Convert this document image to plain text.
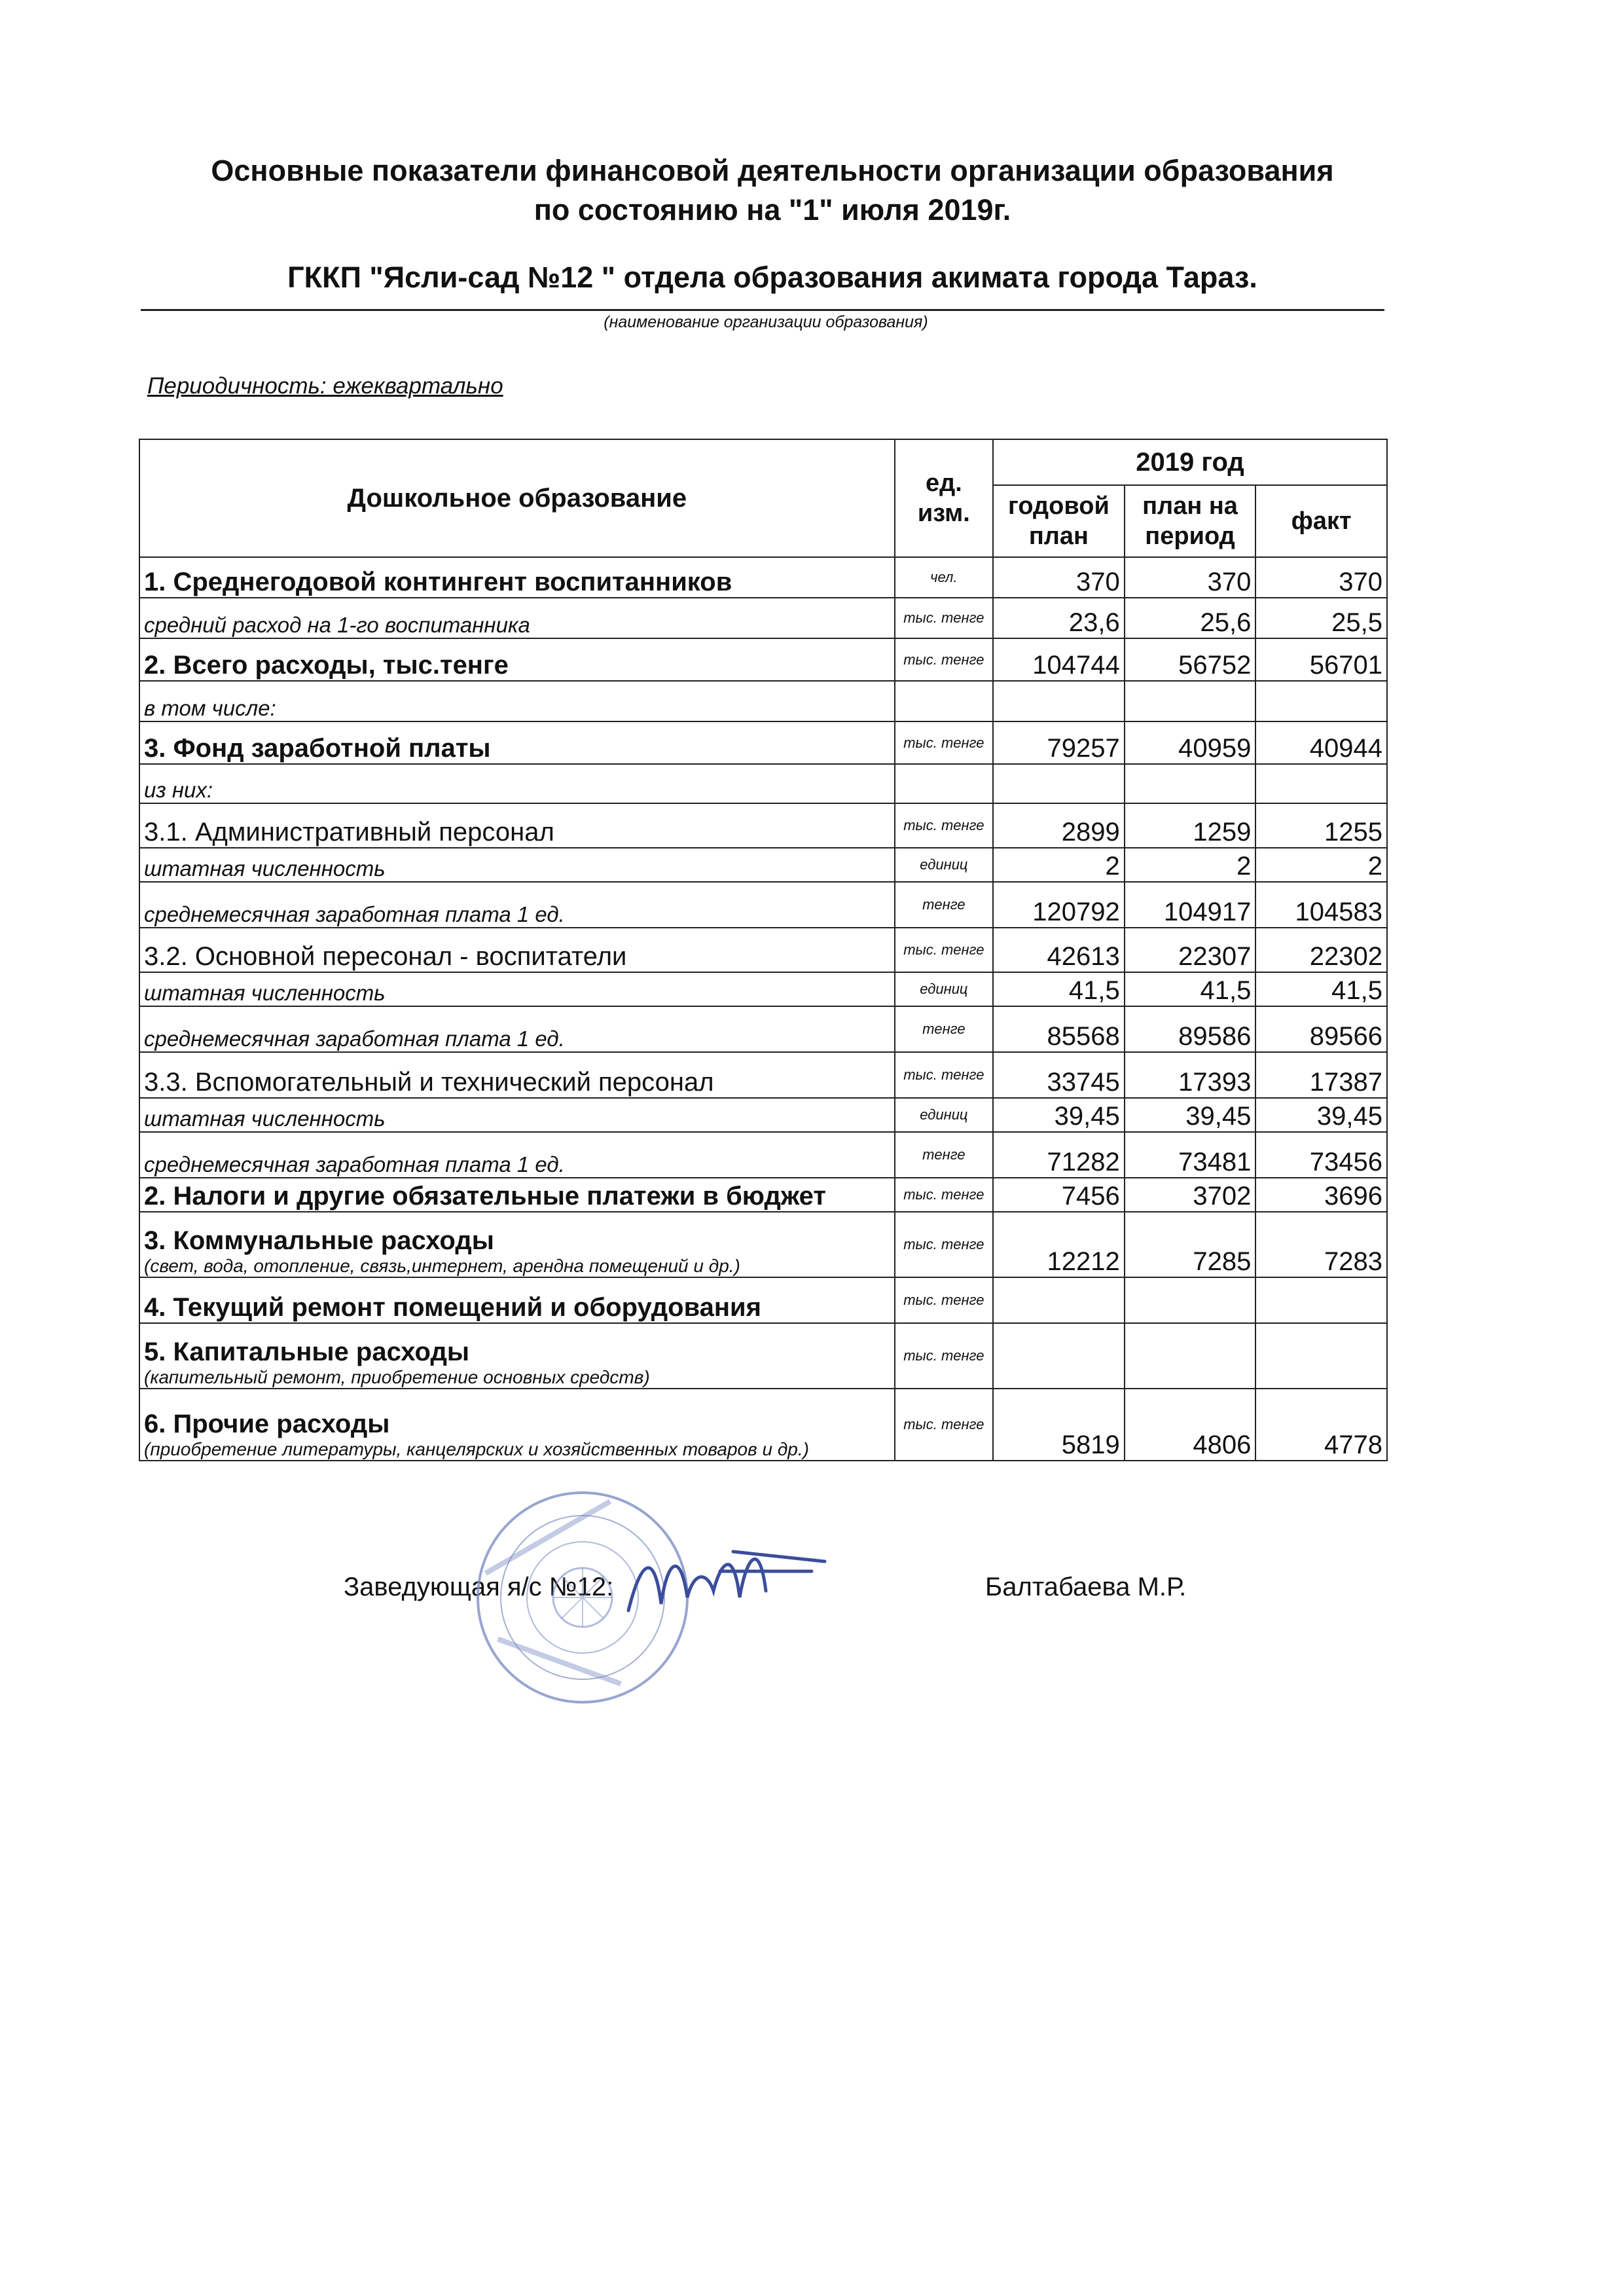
Основные показатели финансовой деятельности организации образования
по состоянию на "1" июля 2019г.
ГККП "Ясли-сад №12 " отдела образования акимата города Тараз.
(наименование организации образования)
Периодичность: ежеквартально
Дошкольное образование	ед. изм.	2019 год		
		годовой план	план на период	факт
1. Среднегодовой контингент воспитанников	чел.	370	370	370
средний расход на 1-го воспитанника	тыс. тенге	23,6	25,6	25,5
2. Всего расходы, тыс.тенге	тыс. тенге	104744	56752	56701
в том числе:				
3. Фонд заработной платы	тыс. тенге	79257	40959	40944
из них:				
3.1. Административный персонал	тыс. тенге	2899	1259	1255
штатная численность	единиц	2	2	2
среднемесячная заработная плата 1 ед.	тенге	120792	104917	104583
3.2. Основной пересонал - воспитатели	тыс. тенге	42613	22307	22302
штатная численность	единиц	41,5	41,5	41,5
среднемесячная заработная плата 1 ед.	тенге	85568	89586	89566
3.3. Вспомогательный и технический персонал	тыс. тенге	33745	17393	17387
штатная численность	единиц	39,45	39,45	39,45
среднемесячная заработная плата 1 ед.	тенге	71282	73481	73456
2. Налоги и другие обязательные платежи в бюджет	тыс. тенге	7456	3702	3696

3. Коммунальные расходы
(свет, вода, отопление, связь,интернет, арендна помещений и др.)	тыс. тенге	12212	7285	7283
4. Текущий ремонт помещений и оборудования	тыс. тенге			

5. Капитальные расходы
(капительный ремонт, приобретение основных средств)	тыс. тенге			

6. Прочие расходы
(приобретение литературы, канцелярских и хозяйственных товаров и др.)	тыс. тенге	5819	4806	4778
Заведующая я/с №12:	Балтабаева М.Р.
